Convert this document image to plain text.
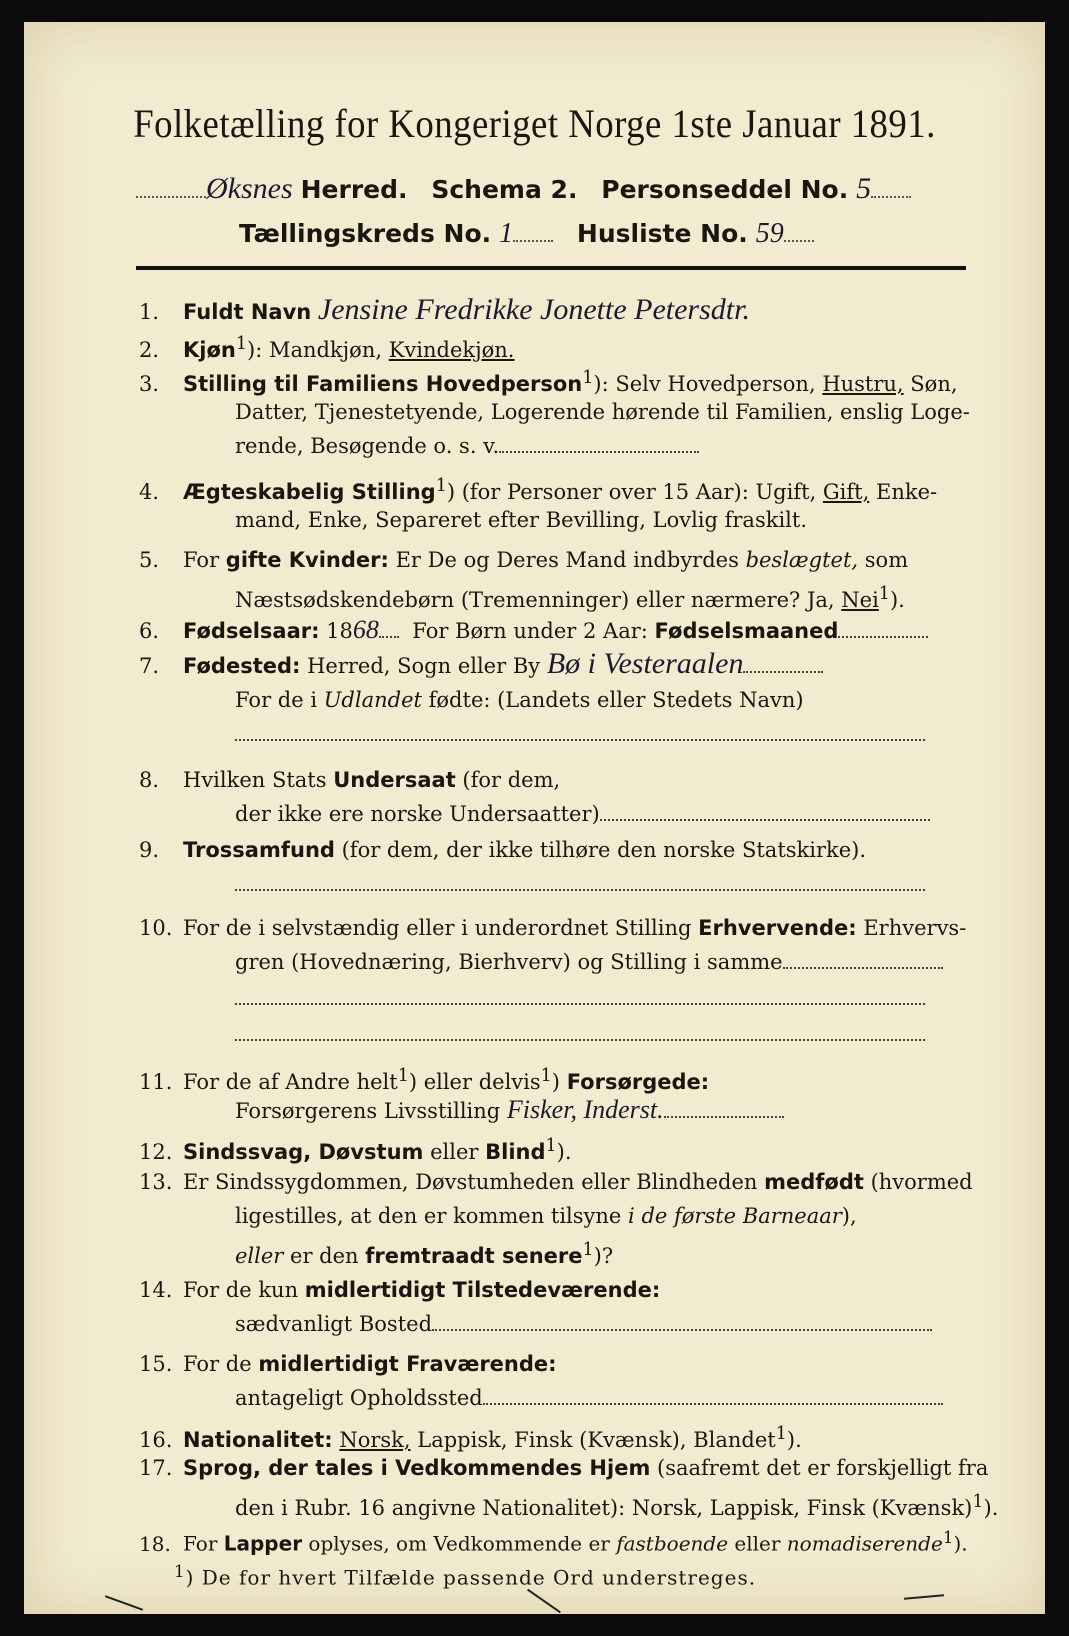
Folketælling for Kongeriget Norge 1ste Januar 1891.
Øksnes Herred. Schema 2. Personseddel No. 5
Tællingskreds No. 1	Husliste No. 59
1. Fuldt Navn Jensine Fredrikke Jonette Petersdtr.
2. Kjøn$^1$): Mandkjøn, Kvindekjøn.
3. Stilling til Familiens Hovedperson$^1$): Selv Hovedperson, Hustru, Søn,
Datter, Tjenestetyende, Logerende hørende til Familien, enslig Loge-
rende, Besøgende o. s. v.
4. Ægteskabelig Stilling$^1$) (for Personer over 15 Aar): Ugift, Gift, Enke-
mand, Enke, Separeret efter Bevilling, Lovlig fraskilt.
5. For gifte Kvinder: Er De og Deres Mand indbyrdes beslægtet, som
Næstsødskendebørn (Tremenninger) eller nærmere? Ja, Nei$^1$).
6. Fødselsaar: 1868 For Børn under 2 Aar: Fødselsmaaned
7. Fødested: Herred, Sogn eller By Bø i Vesteraalen
For de i Udlandet fødte: (Landets eller Stedets Navn)
8. Hvilken Stats Undersaat (for dem,
der ikke ere norske Undersaatter)
9. Trossamfund (for dem, der ikke tilhøre den norske Statskirke).
10. For de i selvstændig eller i underordnet Stilling Erhvervende: Erhvervs-
gren (Hovednæring, Bierhverv) og Stilling i samme
11. For de af Andre helt$^1$) eller delvis$^1$) Forsørgede:
Forsørgerens Livsstilling Fisker, Inderst.
12. Sindssvag, Døvstum eller Blind$^1$).
13. Er Sindssygdommen, Døvstumheden eller Blindheden medfødt (hvormed
ligestilles, at den er kommen tilsyne i de første Barneaar),
eller er den fremtraadt senere$^1$)?
14. For de kun midlertidigt Tilstedeværende:
sædvanligt Bosted
15. For de midlertidigt Fraværende:
antageligt Opholdssted
16. Nationalitet: Norsk, Lappisk, Finsk (Kvænsk), Blandet$^1$).
17. Sprog, der tales i Vedkommendes Hjem (saafremt det er forskjelligt fra
den i Rubr. 16 angivne Nationalitet): Norsk, Lappisk, Finsk (Kvænsk)$^1$).
18. For Lapper oplyses, om Vedkommende er fastboende eller nomadiserende$^1$).
$^1$) De for hvert Tilfælde passende Ord understreges.
